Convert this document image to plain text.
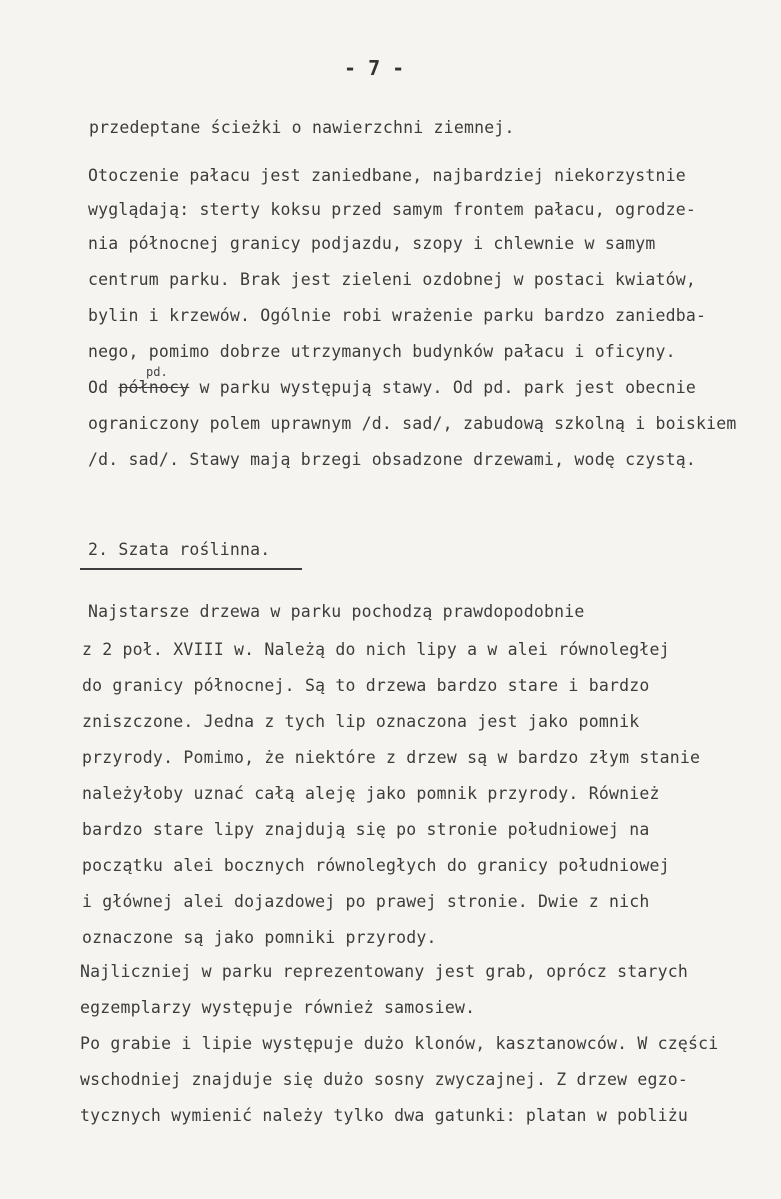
- 7 -
przedeptane ścieżki o nawierzchni ziemnej.
Otoczenie pałacu jest zaniedbane, najbardziej niekorzystnie
wyglądają: sterty koksu przed samym frontem pałacu, ogrodze-
nia północnej granicy podjazdu, szopy i chlewnie w samym
centrum parku. Brak jest zieleni ozdobnej w postaci kwiatów,
bylin i krzewów. Ogólnie robi wrażenie parku bardzo zaniedba-
nego, pomimo dobrze utrzymanych budynków pałacu i oficyny.
pd.
Od północy w parku występują stawy. Od pd. park jest obecnie
ograniczony polem uprawnym /d. sad/, zabudową szkolną i boiskiem
/d. sad/. Stawy mają brzegi obsadzone drzewami, wodę czystą.
2. Szata roślinna.
Najstarsze drzewa w parku pochodzą prawdopodobnie
z 2 poł. XVIII w. Należą do nich lipy a w alei równoległej
do granicy północnej. Są to drzewa bardzo stare i bardzo
zniszczone. Jedna z tych lip oznaczona jest jako pomnik
przyrody. Pomimo, że niektóre z drzew są w bardzo złym stanie
należyłoby uznać całą aleję jako pomnik przyrody. Również
bardzo stare lipy znajdują się po stronie południowej na
początku alei bocznych równoległych do granicy południowej
i głównej alei dojazdowej po prawej stronie. Dwie z nich
oznaczone są jako pomniki przyrody.
Najliczniej w parku reprezentowany jest grab, oprócz starych
egzemplarzy występuje również samosiew.
Po grabie i lipie występuje dużo klonów, kasztanowców. W części
wschodniej znajduje się dużo sosny zwyczajnej. Z drzew egzo-
tycznych wymienić należy tylko dwa gatunki: platan w pobliżu
